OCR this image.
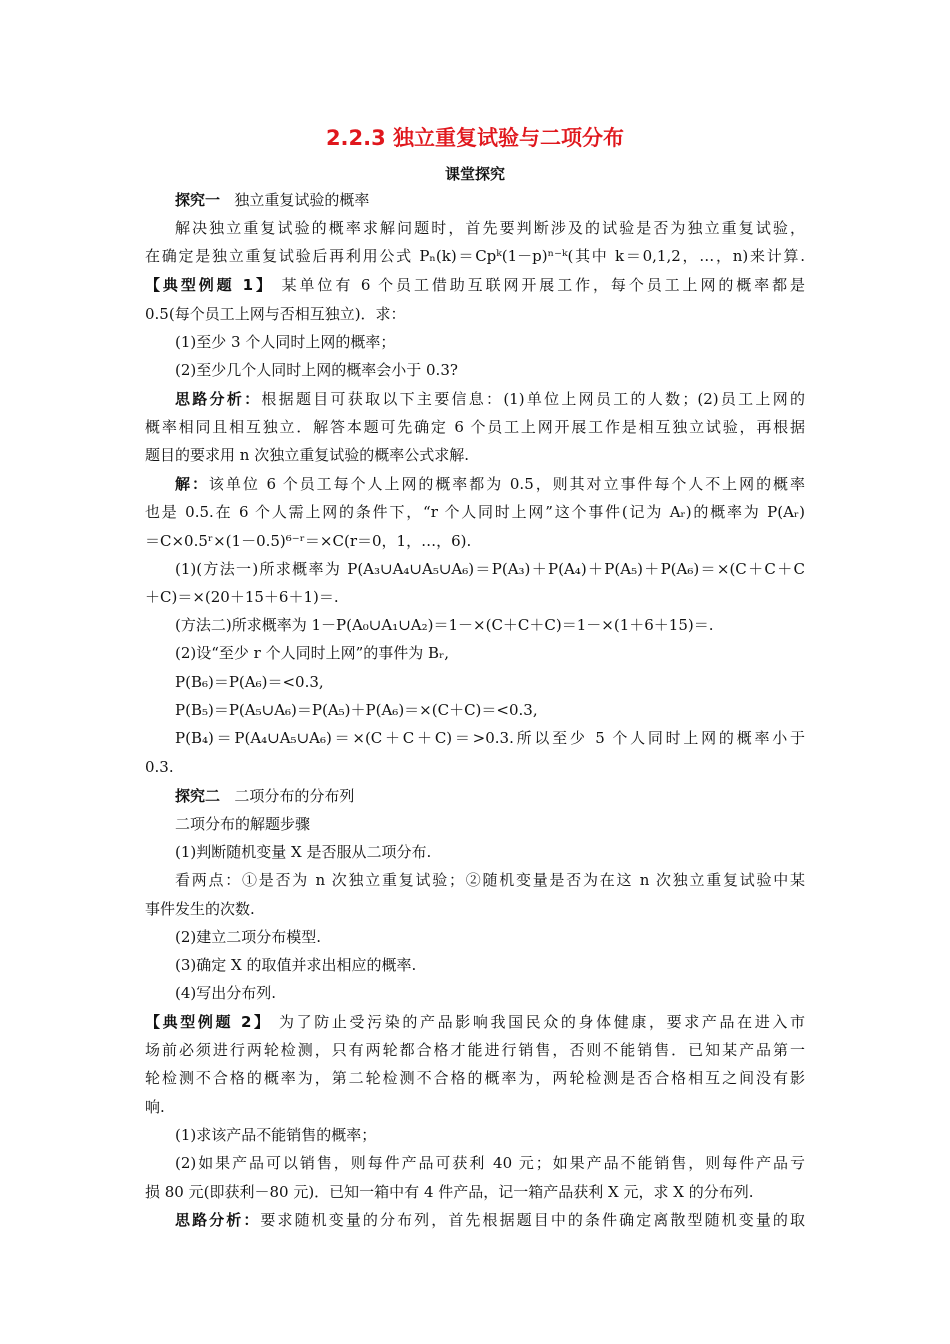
2.2.3 独立重复试验与二项分布
课堂探究
探究一 独立重复试验的概率
解决独立重复试验的概率求解问题时，首先要判断涉及的试验是否为独立重复试验，
在确定是独立重复试验后再利用公式 Pₙ(k)＝Cpᵏ(1－p)ⁿ⁻ᵏ(其中 k＝0,1,2，…，n)来计算.
【典型例题 1】 某单位有 6 个员工借助互联网开展工作，每个员工上网的概率都是
0.5(每个员工上网与否相互独立)．求：
(1)至少 3 个人同时上网的概率；
(2)至少几个人同时上网的概率会小于 0.3?
思路分析：根据题目可获取以下主要信息：(1)单位上网员工的人数；(2)员工上网的
概率相同且相互独立．解答本题可先确定 6 个员工上网开展工作是相互独立试验，再根据
题目的要求用 n 次独立重复试验的概率公式求解.
解：该单位 6 个员工每个人上网的概率都为 0.5，则其对立事件每个人不上网的概率
也是 0.5.在 6 个人需上网的条件下，“r 个人同时上网”这个事件(记为 Aᵣ)的概率为 P(Aᵣ)
＝C×0.5ʳ×(1－0.5)⁶⁻ʳ＝×C(r＝0，1，…，6).
(1)(方法一)所求概率为 P(A₃∪A₄∪A₅∪A₆)＝P(A₃)＋P(A₄)＋P(A₅)＋P(A₆)＝×(C＋C＋C
＋C)＝×(20＋15＋6＋1)＝.
(方法二)所求概率为 1－P(A₀∪A₁∪A₂)＝1－×(C＋C＋C)＝1－×(1＋6＋15)＝.
(2)设“至少 r 个人同时上网”的事件为 Bᵣ,
P(B₆)＝P(A₆)＝<0.3,
P(B₅)＝P(A₅∪A₆)＝P(A₅)＋P(A₆)＝×(C＋C)＝<0.3,
P(B₄)＝P(A₄∪A₅∪A₆)＝×(C＋C＋C)＝>0.3.所以至少 5 个人同时上网的概率小于
0.3.
探究二 二项分布的分布列
二项分布的解题步骤
(1)判断随机变量 X 是否服从二项分布.
看两点：①是否为 n 次独立重复试验；②随机变量是否为在这 n 次独立重复试验中某
事件发生的次数.
(2)建立二项分布模型.
(3)确定 X 的取值并求出相应的概率.
(4)写出分布列.
【典型例题 2】 为了防止受污染的产品影响我国民众的身体健康，要求产品在进入市
场前必须进行两轮检测，只有两轮都合格才能进行销售，否则不能销售．已知某产品第一
轮检测不合格的概率为，第二轮检测不合格的概率为，两轮检测是否合格相互之间没有影
响.
(1)求该产品不能销售的概率；
(2)如果产品可以销售，则每件产品可获利 40 元；如果产品不能销售，则每件产品亏
损 80 元(即获利－80 元)．已知一箱中有 4 件产品，记一箱产品获利 X 元，求 X 的分布列.
思路分析：要求随机变量的分布列，首先根据题目中的条件确定离散型随机变量的取
